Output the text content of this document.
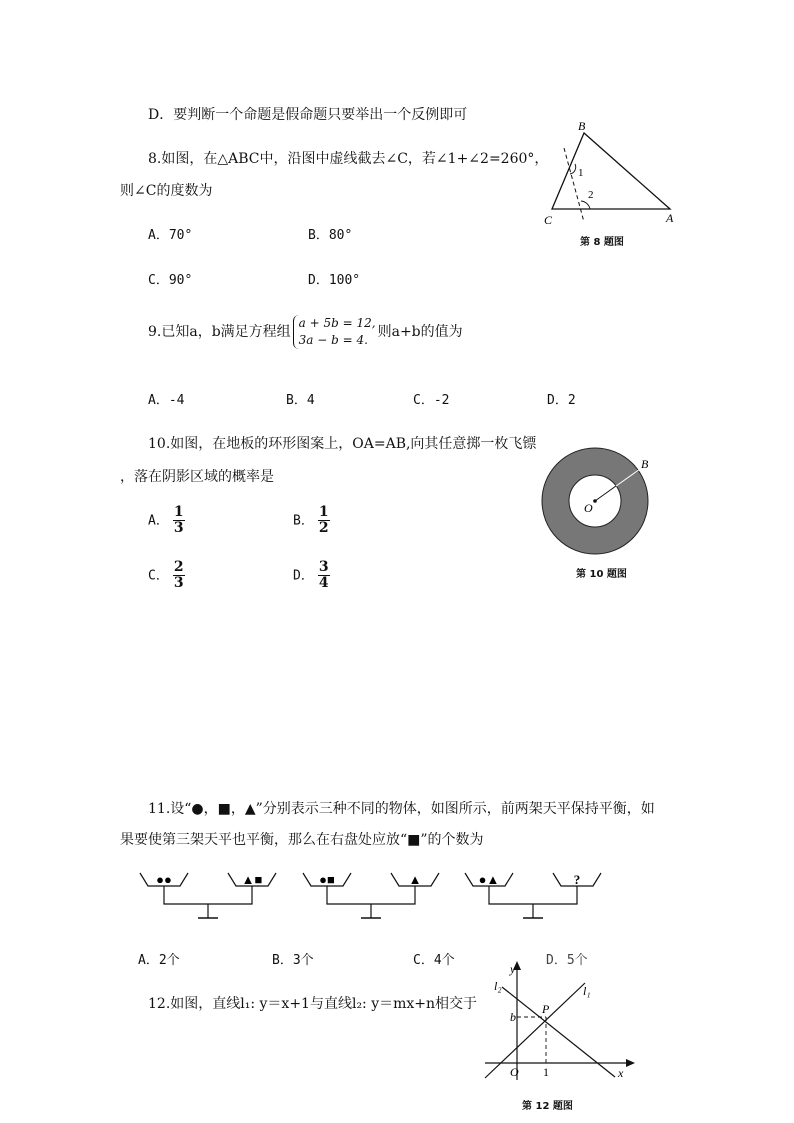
D．要判断一个命题是假命题只要举出一个反例即可
8.如图，在△ABC中，沿图中虚线截去∠C，若∠1+∠2=260°，
则∠C的度数为
A．70°	B．80°
C．90°	D．100°
B
C	A
1
2
第 8 题图
9.已知a，b满足方程组
a + 5b = 12,
3a − b = 4. 则a+b的值为
A．-4	B．4	C．-2	D．2
10.如图，在地板的环形图案上，OA=AB,向其任意掷一枚飞镖
，落在阴影区域的概率是
A． $\frac{1}{3}$	B． $\frac{1}{2}$
C． $\frac{2}{3}$	D． $\frac{3}{4}$
O
A
B
第 10 题图
11.设“●，■，▲”分别表示三种不同的物体，如图所示，前两架天平保持平衡，如
果要使第三架天平也平衡，那么在右盘处应放“■”的个数为
●●	▲■	●■	▲	●▲	?
A．2个	B．3个	C．4个	D．5个
12.如图，直线l₁: y＝x+1与直线l₂: y＝mx+n相交于
y
x
O
P
b
1
l₁
l₂
第 12 题图
